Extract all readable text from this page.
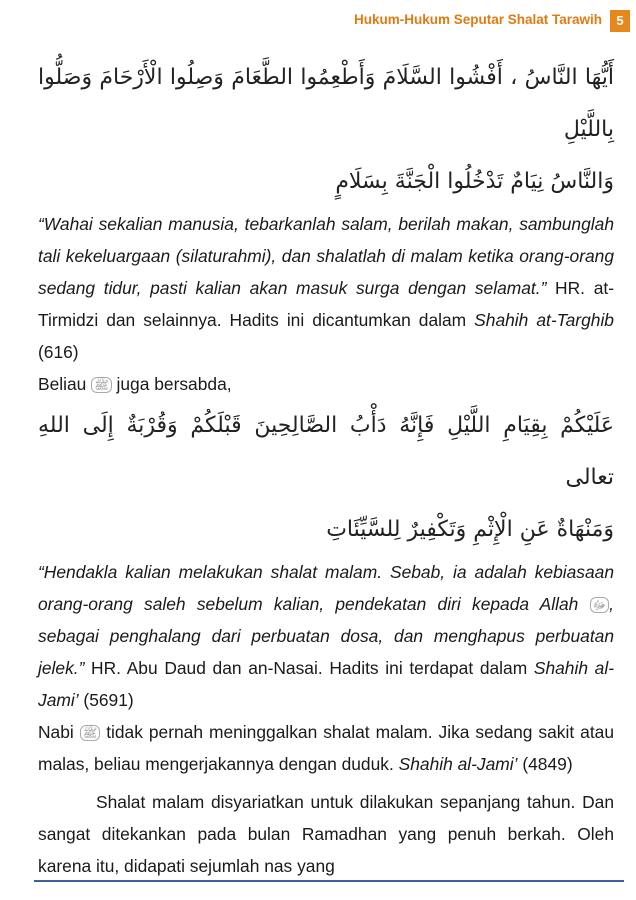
Hukum-Hukum Seputar Shalat Tarawih	5

أَيُّهَا النَّاسُ ، أَفْشُوا السَّلَامَ وَأَطْعِمُوا الطَّعَامَ وَصِلُوا الْأَرْحَامَ وَصَلُّوا بِاللَّيْلِ
وَالنَّاسُ نِيَامٌ تَدْخُلُوا الْجَنَّةَ بِسَلَامٍ

“Wahai sekalian manusia, tebarkanlah salam, berilah makan, sambunglah tali kekeluargaan (silaturahmi), dan shalatlah di malam ketika orang-orang sedang tidur, pasti kalian akan masuk surga dengan selamat.” HR. at-Tirmidzi dan selainnya. Hadits ini dicantumkan dalam Shahih at-Targhib (616)

Beliau ﷺ juga bersabda,

عَلَيْكُمْ بِقِيَامِ اللَّيْلِ فَإِنَّهُ دَأْبُ الصَّالِحِينَ قَبْلَكُمْ وَقُرْبَةٌ إِلَى اللهِ تعالى
وَمَنْهَاةٌ عَنِ الْإِثْمِ وَتَكْفِيرٌ لِلسَّيِّئَاتِ

“Hendakla kalian melakukan shalat malam. Sebab, ia adalah kebiasaan orang-orang saleh sebelum kalian, pendekatan diri kepada Allah ﷻ , sebagai penghalang dari perbuatan dosa, dan menghapus perbuatan jelek.” HR. Abu Daud dan an-Nasai. Hadits ini terdapat dalam Shahih al-Jami’ (5691)

Nabi ﷺ tidak pernah meninggalkan shalat malam. Jika sedang sakit atau malas, beliau mengerjakannya dengan duduk. Shahih al-Jami’ (4849)

Shalat malam disyariatkan untuk dilakukan sepanjang tahun. Dan sangat ditekankan pada bulan Ramadhan yang penuh berkah. Oleh karena itu, didapati sejumlah nas yang
